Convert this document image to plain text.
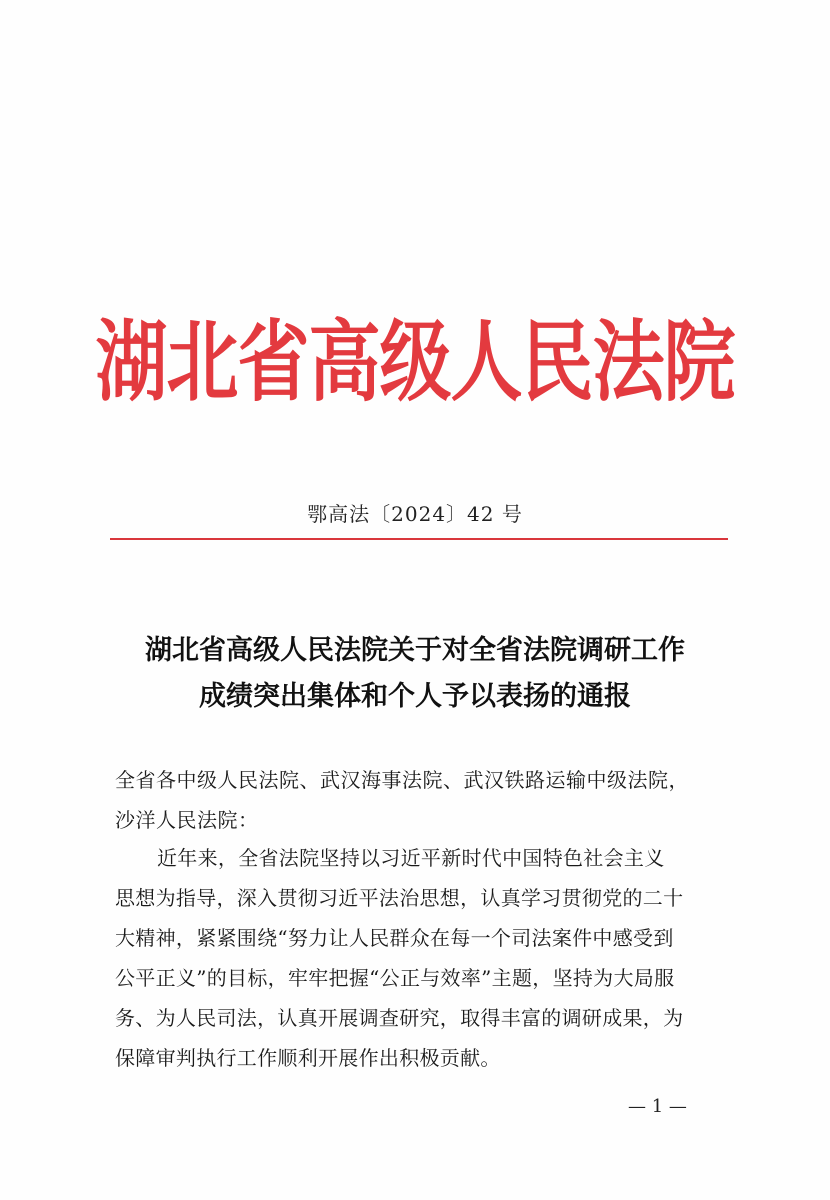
湖北省高级人民法院
鄂高法〔2024〕42 号
湖北省高级人民法院关于对全省法院调研工作
成绩突出集体和个人予以表扬的通报
全省各中级人民法院、武汉海事法院、武汉铁路运输中级法院，
沙洋人民法院：
近年来，全省法院坚持以习近平新时代中国特色社会主义
思想为指导，深入贯彻习近平法治思想，认真学习贯彻党的二十
大精神，紧紧围绕“努力让人民群众在每一个司法案件中感受到
公平正义”的目标，牢牢把握“公正与效率”主题，坚持为大局服
务、为人民司法，认真开展调查研究，取得丰富的调研成果，为
保障审判执行工作顺利开展作出积极贡献。
— 1 —
